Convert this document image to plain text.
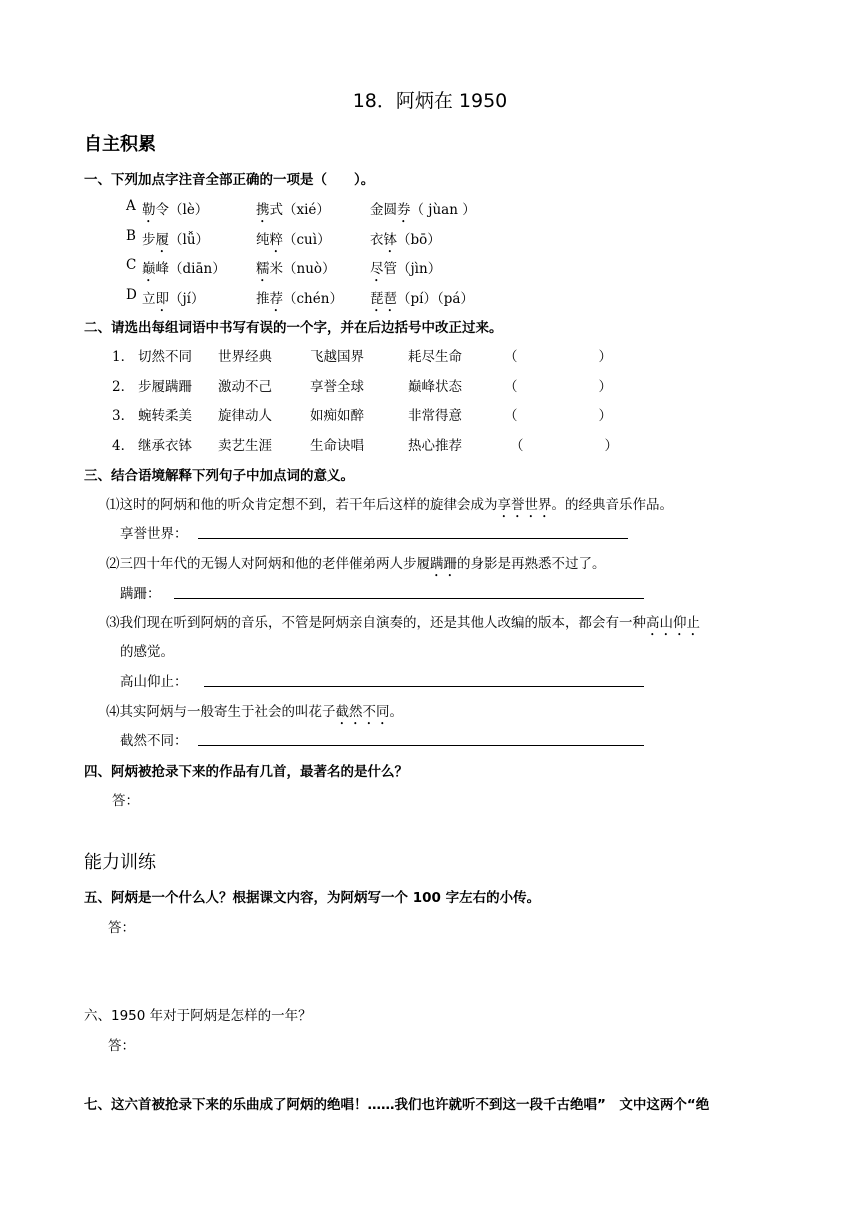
18．阿炳在 1950
自主积累
一、下列加点字注音全部正确的一项是（　　）。
A 勒令（lè）	携式（xié）	金圆券（ jùan ）
B 步履（lǚ）	纯粹（cuì）	衣钵（bō）
C 巅峰（diān） 糯米（nuò）	尽管（jìn）
D 立即（jí）	推荐（chén） 琵琶（pí）（pá）
二、请选出每组词语中书写有误的一个字，并在后边括号中改正过来。
1． 切然不同 世界经典	飞越国界	耗尽生命	（　　　　　　）
2． 步履蹒跚 激动不己	享誉全球	巅峰状态	（　　　　　　）
3． 蜿转柔美 旋律动人	如痴如醉	非常得意	（　　　　　　）
4． 继承衣钵 卖艺生涯	生命诀唱	热心推荐	（　　　　　　）
三、结合语境解释下列句子中加点词的意义。
⑴这时的阿炳和他的听众肯定想不到，若干年后这样的旋律会成为享誉世界。的经典音乐作品。
享誉世界：
⑵三四十年代的无锡人对阿炳和他的老伴催弟两人步履蹒跚的身影是再熟悉不过了。
蹒跚：
⑶我们现在听到阿炳的音乐，不管是阿炳亲自演奏的，还是其他人改编的版本，都会有一种高山仰止
的感觉。
高山仰止：
⑷其实阿炳与一般寄生于社会的叫花子截然不同。
截然不同：
四、阿炳被抢录下来的作品有几首，最著名的是什么？
答：
能力训练
五、阿炳是一个什么人？根据课文内容，为阿炳写一个 100 字左右的小传。
答：
六、1950 年对于阿炳是怎样的一年？
答：
七、这六首被抢录下来的乐曲成了阿炳的绝唱！……我们也许就听不到这一段千古绝唱”　文中这两个“绝
